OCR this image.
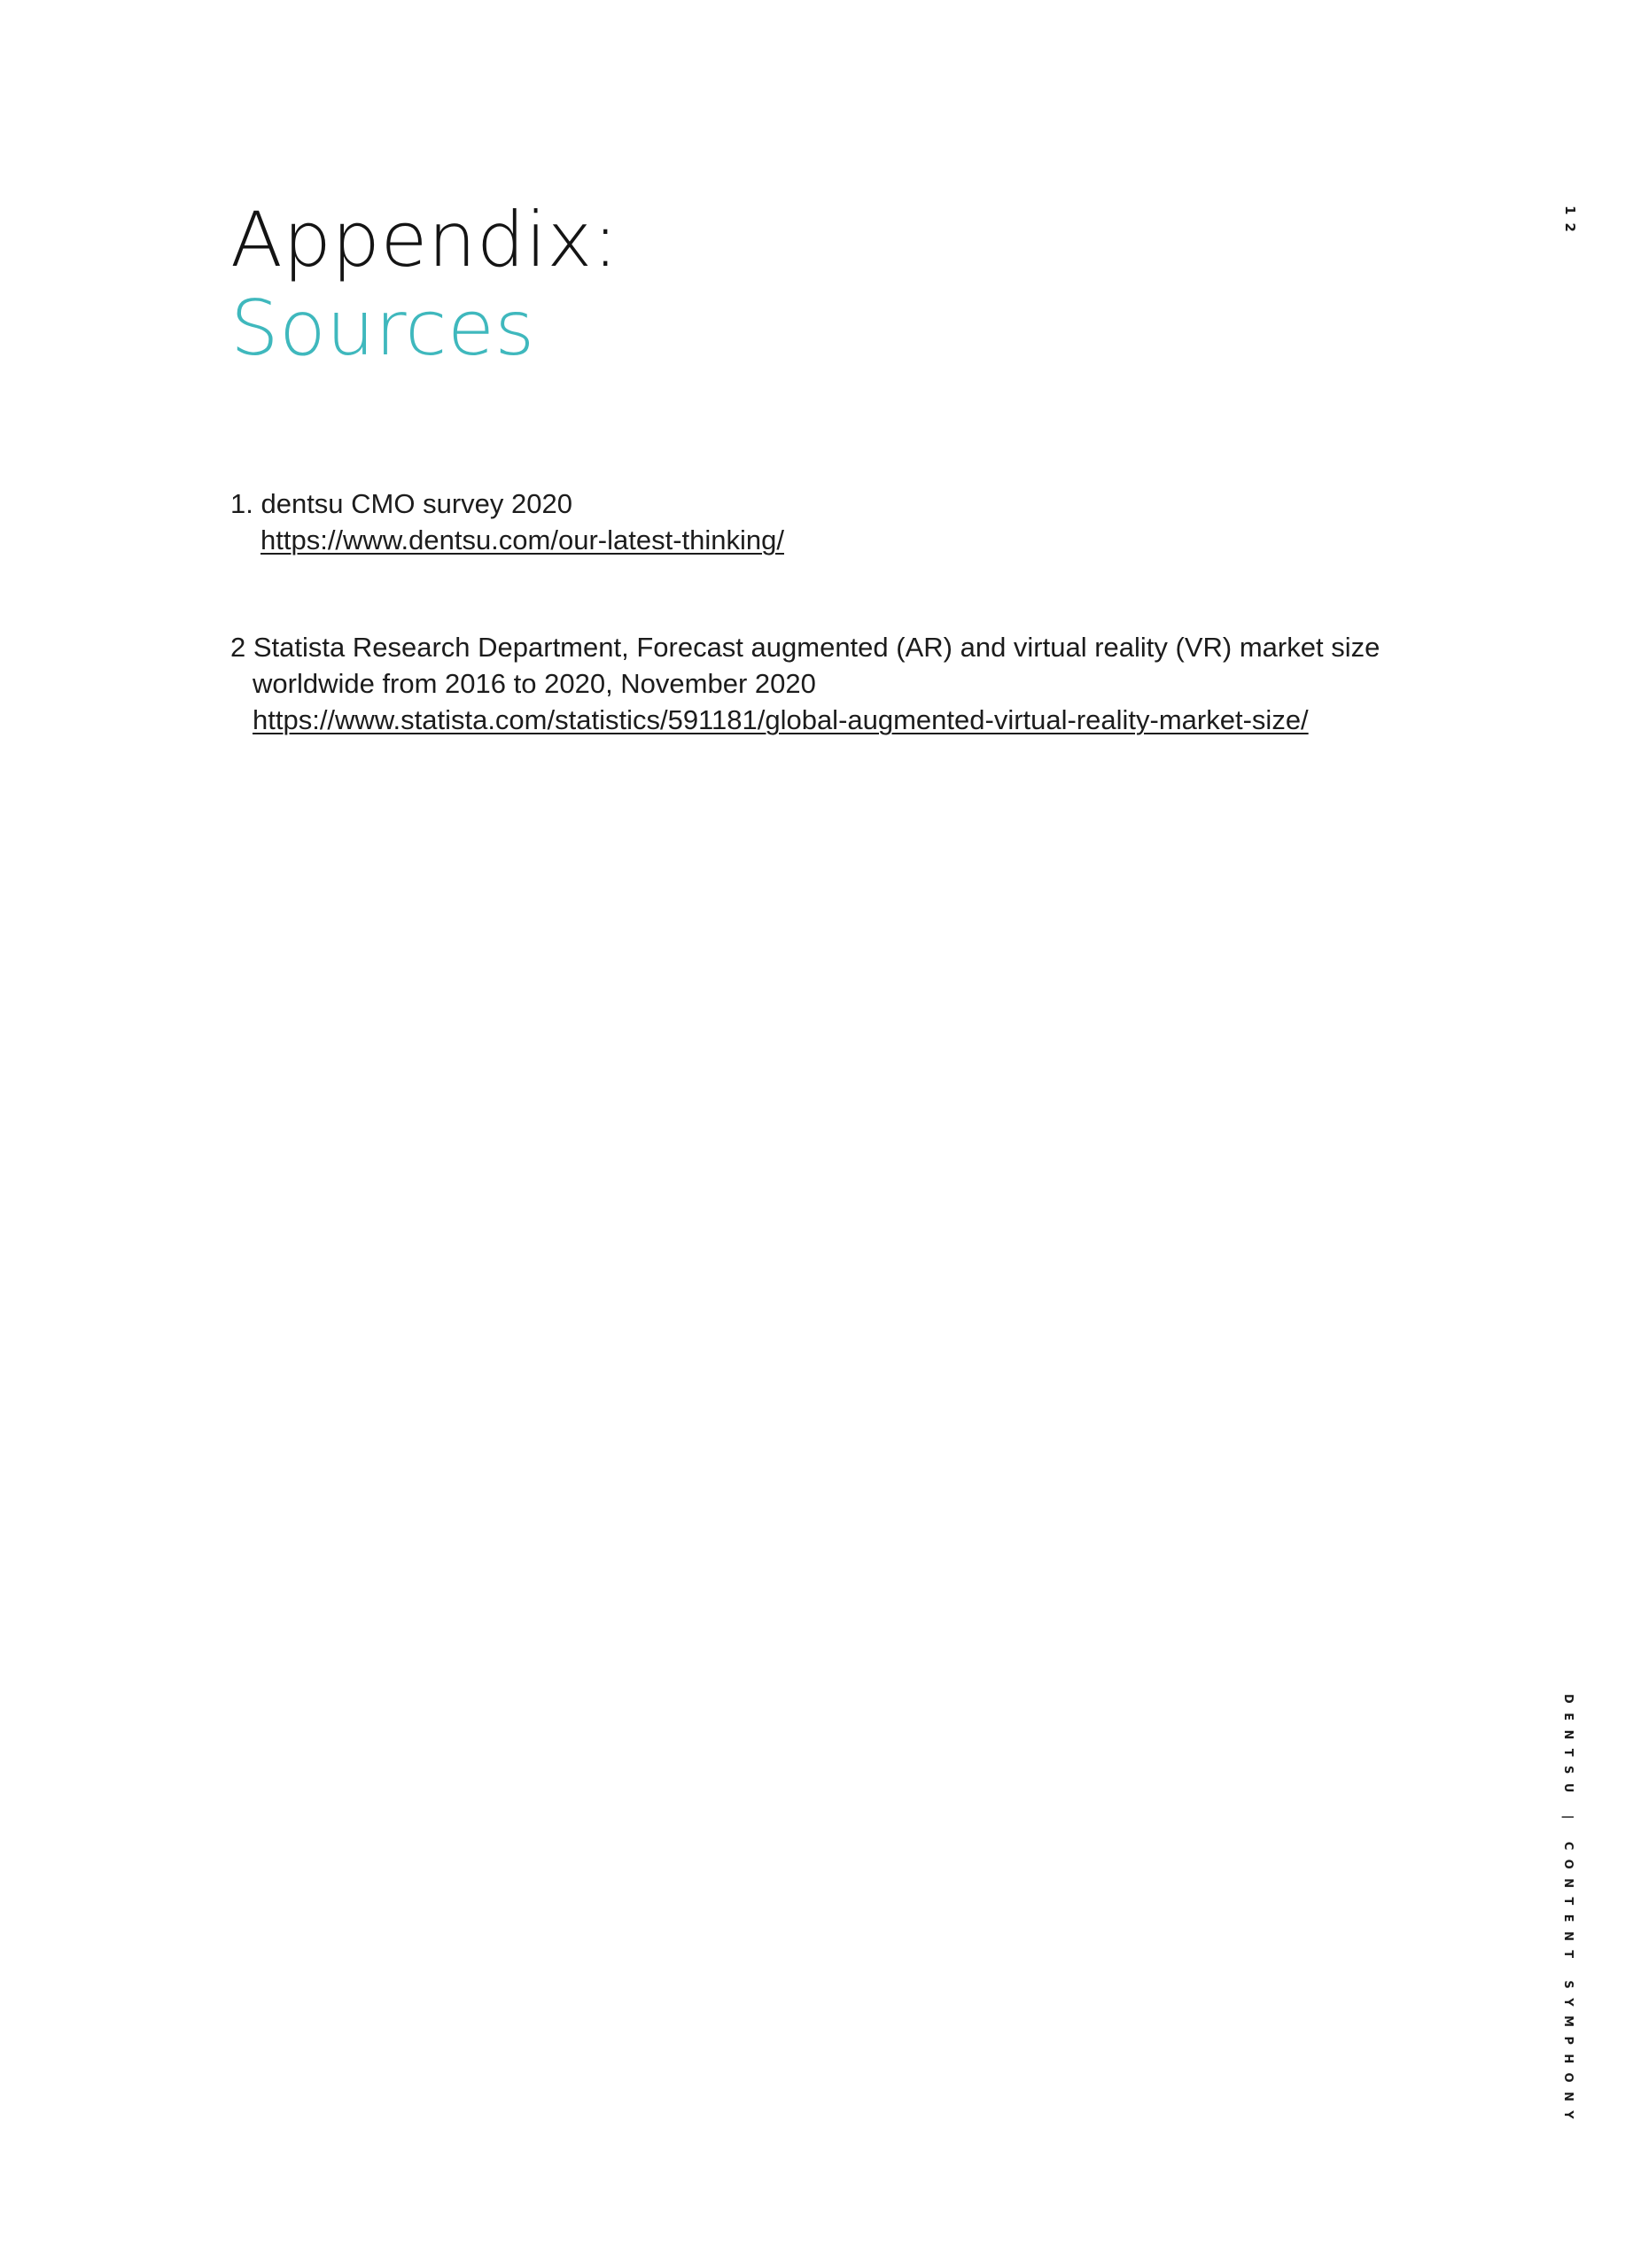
Appendix:
Sources
1. dentsu CMO survey 2020
https://www.dentsu.com/our-latest-thinking/
2 Statista Research Department, Forecast augmented (AR) and virtual reality (VR) market size
worldwide from 2016 to 2020, November 2020
https://www.statista.com/statistics/591181/global-augmented-virtual-reality-market-size/
12
DENTSU | CONTENT SYMPHONY
